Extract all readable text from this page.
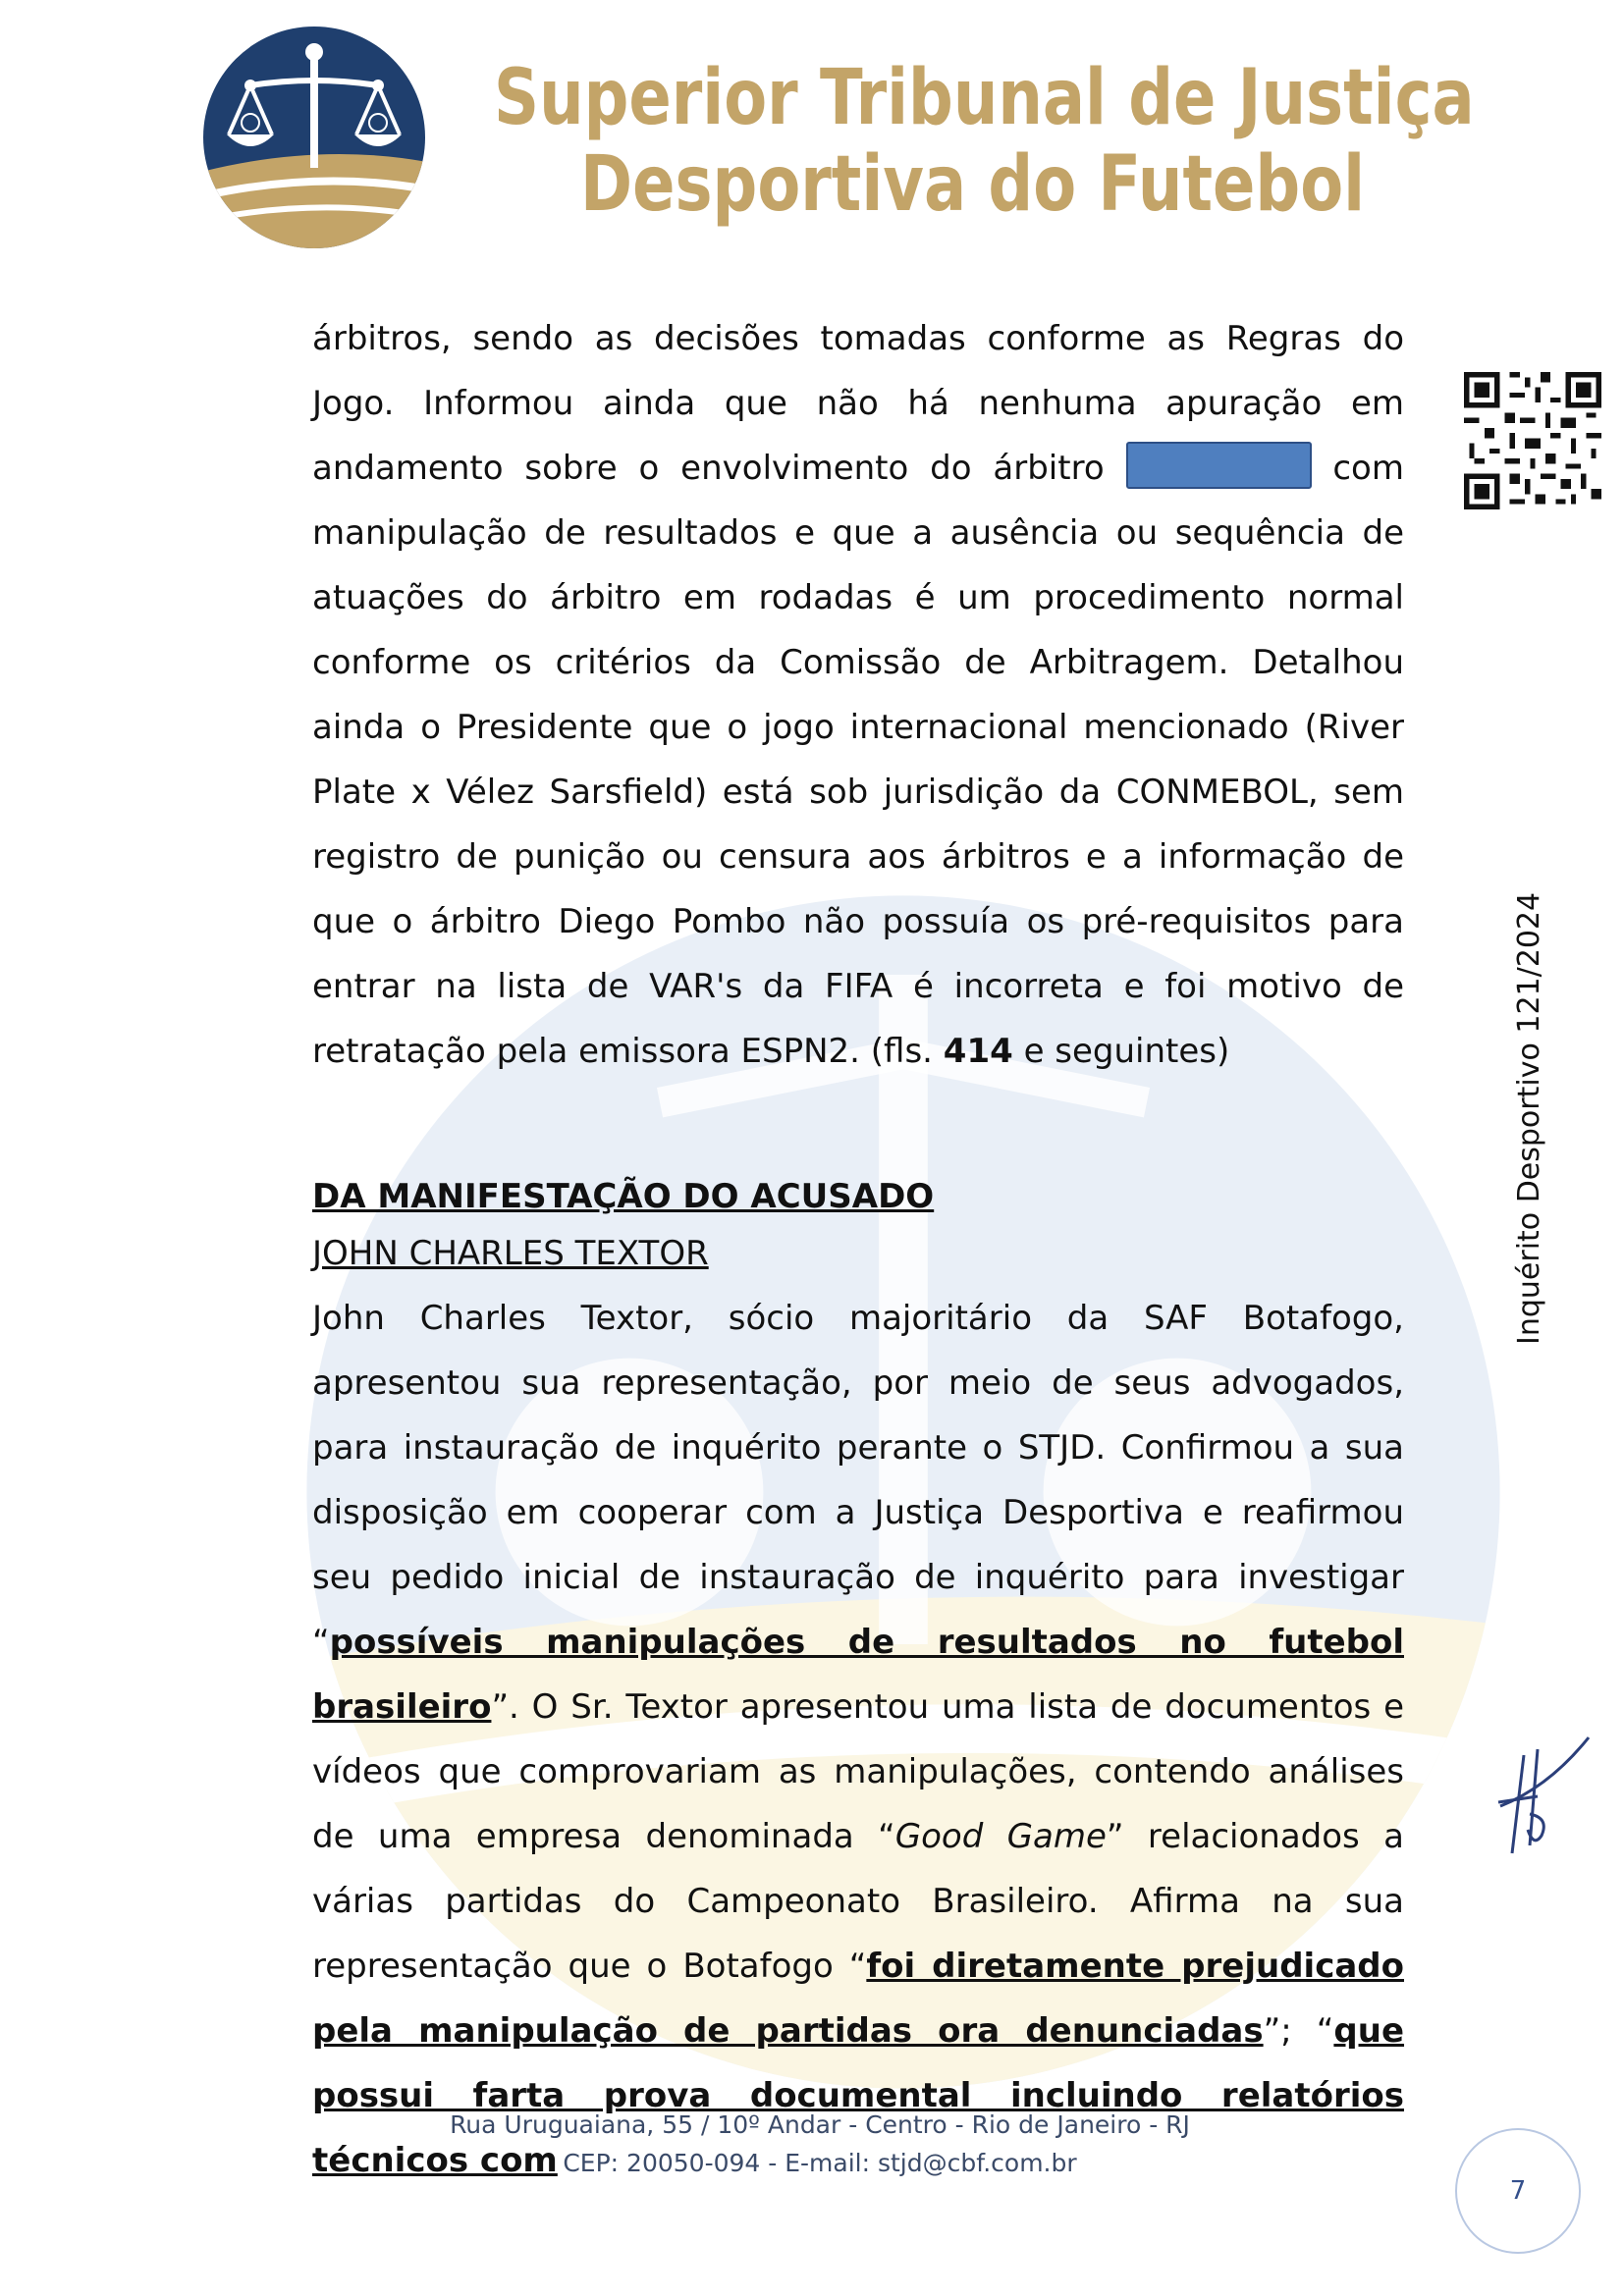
Superior Tribunal de Justiça
Desportiva do Futebol

árbitros, sendo as decisões tomadas conforme as Regras do Jogo. Informou ainda que não há nenhuma apuração em andamento sobre o envolvimento do árbitro	com manipulação de resultados e que a ausência ou sequência de atuações do árbitro em rodadas é um procedimento normal conforme os critérios da Comissão de Arbitragem. Detalhou ainda o Presidente que o jogo internacional mencionado (River Plate x Vélez Sarsfield) está sob jurisdição da CONMEBOL, sem registro de punição ou censura aos árbitros e a informação de que o árbitro Diego Pombo não possuía os pré-requisitos para entrar na lista de VAR's da FIFA é incorreta e foi motivo de retratação pela emissora ESPN2. (fls. 414 e seguintes)

DA MANIFESTAÇÃO DO ACUSADO

JOHN CHARLES TEXTOR

John Charles Textor, sócio majoritário da SAF Botafogo, apresentou sua representação, por meio de seus advogados, para instauração de inquérito perante o STJD. Confirmou a sua disposição em cooperar com a Justiça Desportiva e reafirmou seu pedido inicial de instauração de inquérito para investigar “possíveis manipulações de resultados no futebol brasileiro”. O Sr. Textor apresentou uma lista de documentos e vídeos que comprovariam as manipulações, contendo análises de uma empresa denominada “Good Game” relacionados a várias partidas do Campeonato Brasileiro. Afirma na sua representação que o Botafogo “foi diretamente prejudicado pela manipulação de partidas ora denunciadas”; “que possui farta prova documental incluindo relatórios técnicos com

Inquérito Desportivo 121/2024
Rua Uruguaiana, 55 / 10º Andar - Centro - Rio de Janeiro - RJ
CEP: 20050-094 - E-mail: stjd@cbf.com.br
7
